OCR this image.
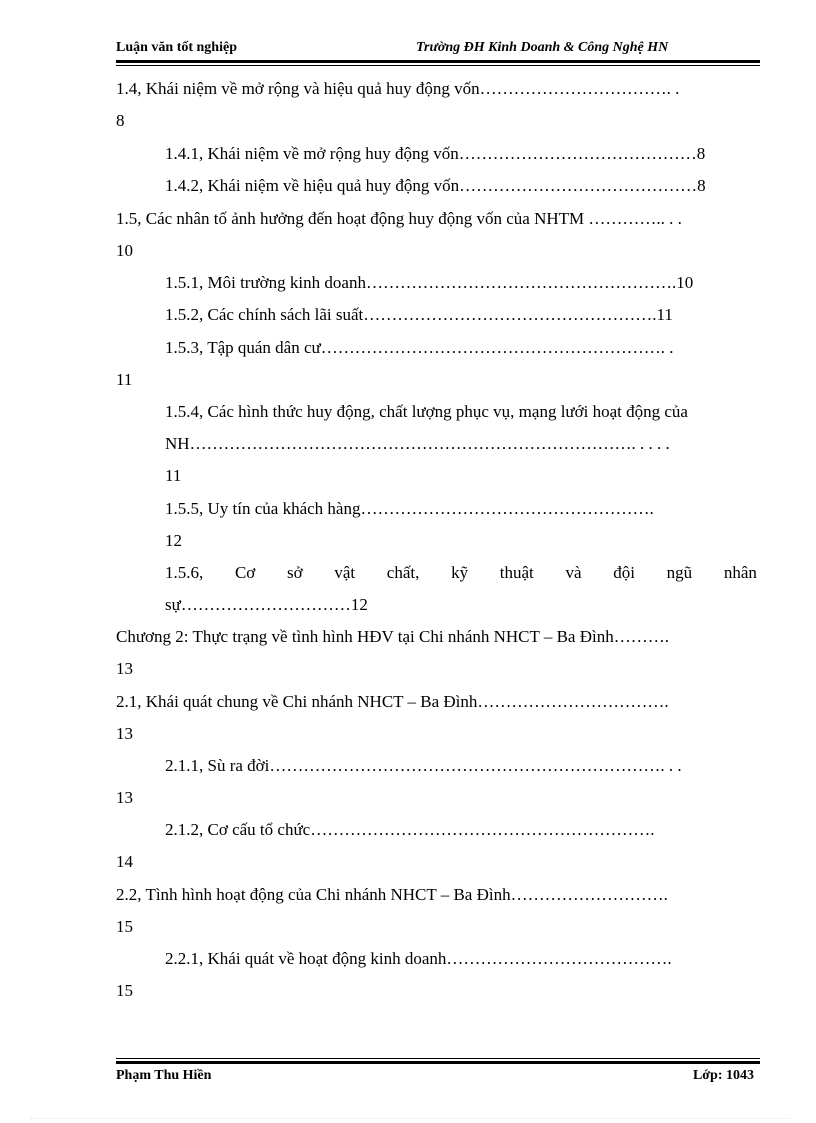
Luận văn tốt nghiệp	Trường ĐH Kinh Doanh & Công Nghệ HN
1.4, Khái niệm về mở rộng và hiệu quả huy động vốn……………………………. .
8
1.4.1, Khái niệm về mở rộng huy động vốn……………………………………8
1.4.2, Khái niệm về hiệu quả huy động vốn……………………………………8
1.5, Các nhân tố ảnh hưởng đến hoạt động huy động vốn của NHTM ………….. . .
10
1.5.1, Môi trường kinh doanh……………………………………………….10
1.5.2, Các chính sách lãi suất…………………………………………….11
1.5.3, Tập quán dân cư……………………………………………………. .
11
1.5.4, Các hình thức huy động, chất lượng phục vụ, mạng lưới hoạt động của
NH……………………………………………………………………. . . . .
11
1.5.5, Uy tín của khách hàng…………………………………………….
12
1.5.6, Cơ sở vật chất, kỹ thuật và đội ngũ nhân
sự…………………………12
Chương 2: Thực trạng về tình hình HĐV tại Chi nhánh NHCT – Ba Đình……….
13
2.1, Khái quát chung về Chi nhánh NHCT – Ba Đình…………………………….
13
2.1.1, Sù ra đời……………………………………………………………. . .
13
2.1.2, Cơ cấu tổ chức…………………………………………………….
14
2.2, Tình hình hoạt động của Chi nhánh NHCT – Ba Đình……………………….
15
2.2.1, Khái quát về hoạt động kinh doanh………………………………….
15
Phạm Thu Hiền	Lớp: 1043
